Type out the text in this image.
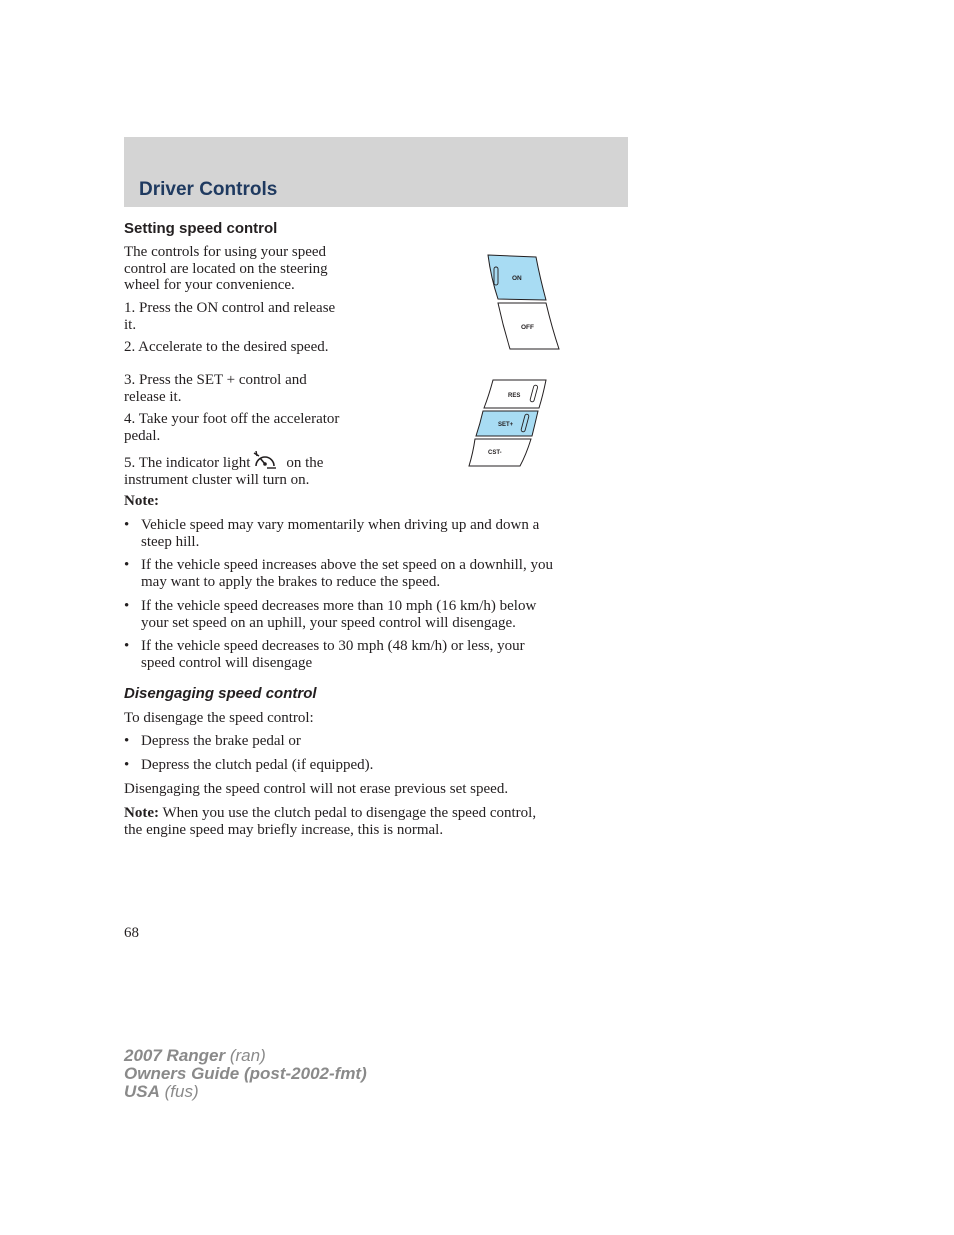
Driver Controls
Setting speed control
The controls for using your speed
control are located on the steering
wheel for your convenience.
1. Press the ON control and release
it.
2. Accelerate to the desired speed.
3. Press the SET + control and
release it.
4. Take your foot off the accelerator
pedal.
5. The indicator light on the
instrument cluster will turn on.
ON
OFF
RES
SET+
CST-
Note:
• Vehicle speed may vary momentarily when driving up and down a
steep hill.
• If the vehicle speed increases above the set speed on a downhill, you
may want to apply the brakes to reduce the speed.
• If the vehicle speed decreases more than 10 mph (16 km/h) below
your set speed on an uphill, your speed control will disengage.
• If the vehicle speed decreases to 30 mph (48 km/h) or less, your
speed control will disengage
Disengaging speed control
To disengage the speed control:
• Depress the brake pedal or
• Depress the clutch pedal (if equipped).
Disengaging the speed control will not erase previous set speed.
Note: When you use the clutch pedal to disengage the speed control,
the engine speed may briefly increase, this is normal.
68
2007 Ranger (ran)
Owners Guide (post-2002-fmt)
USA (fus)
